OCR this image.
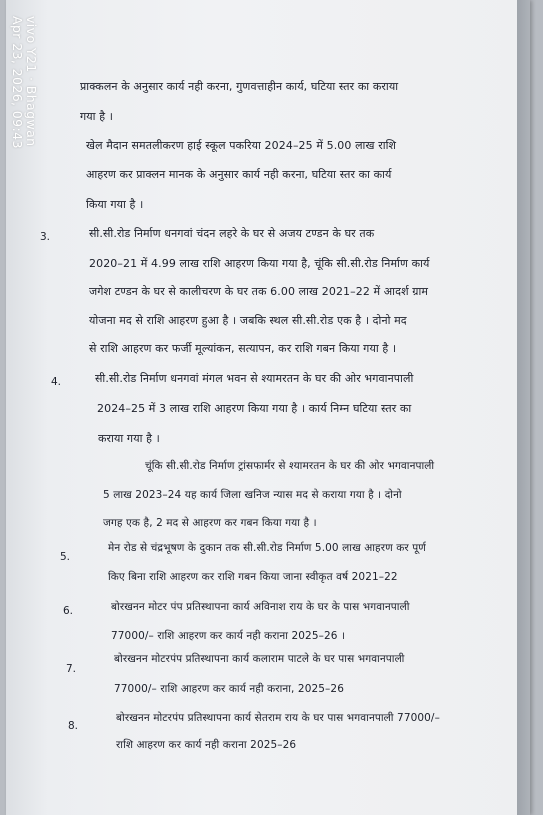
vivo Y21 · Bhagwan
Apr 23, 2026, 09:43	प्राक्कलन के अनुसार कार्य नही करना, गुणवत्ताहीन कार्य, घटिया स्तर का कराया
गया है ।
खेल मैदान समतलीकरण हाई स्कूल पकरिया 2024–25 में 5.00 लाख राशि
आहरण कर प्राक्लन मानक के अनुसार कार्य नही करना, घटिया स्तर का कार्य
किया गया है ।
3.	सी.सी.रोड निर्माण धनगवां चंदन लहरे के घर से अजय टण्डन के घर तक
2020–21 में 4.99 लाख राशि आहरण किया गया है, चूंकि सी.सी.रोड निर्माण कार्य
जगेश टण्डन के घर से कालीचरण के घर तक 6.00 लाख 2021–22 में आदर्श ग्राम
योजना मद से राशि आहरण हुआ है । जबकि स्थल सी.सी.रोड एक है । दोनो मद
से राशि आहरण कर फर्जी मूल्यांकन, सत्यापन, कर राशि गबन किया गया है ।
4.	सी.सी.रोड निर्माण धनगवां मंगल भवन से श्यामरतन के घर की ओर भगवानपाली
2024–25 में 3 लाख राशि आहरण किया गया है । कार्य निम्न घटिया स्तर का
कराया गया है ।
चूंकि सी.सी.रोड निर्माण ट्रांसफार्मर से श्यामरतन के घर की ओर भगवानपाली
5 लाख 2023–24 यह कार्य जिला खनिज न्यास मद से कराया गया है । दोनो
जगह एक है, 2 मद से आहरण कर गबन किया गया है ।
5.
मेन रोड से चंद्रभूषण के दुकान तक सी.सी.रोड निर्माण 5.00 लाख आहरण कर पूर्ण
किए बिना राशि आहरण कर राशि गबन किया जाना स्वीकृत वर्ष 2021–22
6.	बोरखनन मोटर पंप प्रतिस्थापना कार्य अविनाश राय के घर के पास भगवानपाली
77000/– राशि आहरण कर कार्य नही कराना 2025–26 ।
7.
बोरखनन मोटरपंप प्रतिस्थापना कार्य कलाराम पाटले के घर पास भगवानपाली
77000/– राशि आहरण कर कार्य नही कराना, 2025–26
8.
बोरखनन मोटरपंप प्रतिस्थापना कार्य सेतराम राय के घर पास भगवानपाली 77000/–
राशि आहरण कर कार्य नही कराना 2025–26
